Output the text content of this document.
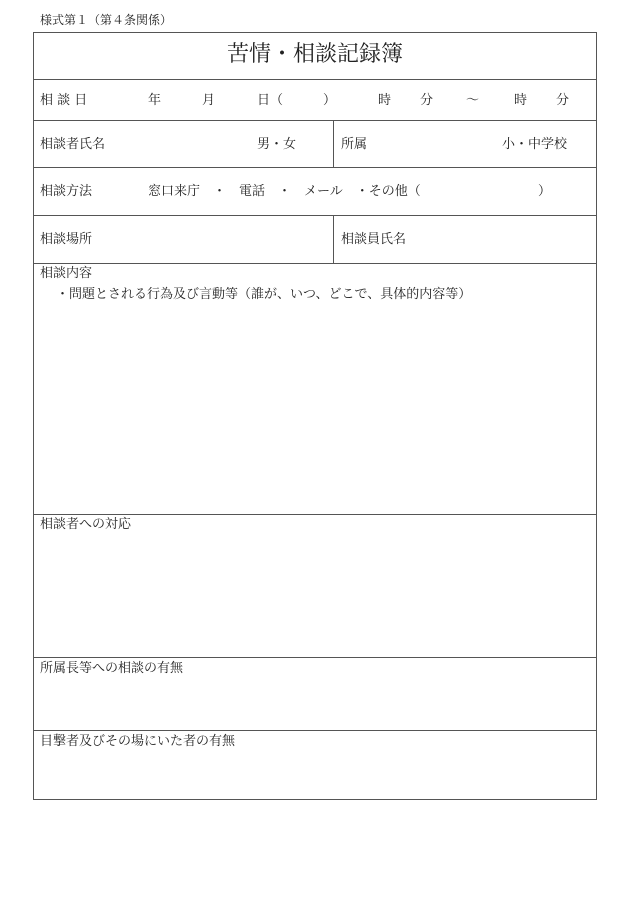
様式第１（第４条関係）
苦情・相談記録簿
相 談 日	年	月	日（	）	時 分	～	時 分
相談者氏名	男・女	所属	小・中学校
相談方法	窓口来庁　・　電話　・　メール　・その他（	）
相談場所	相談員氏名
相談内容
・問題とされる行為及び言動等（誰が、いつ、どこで、具体的内容等）
相談者への対応
所属長等への相談の有無
目撃者及びその場にいた者の有無
